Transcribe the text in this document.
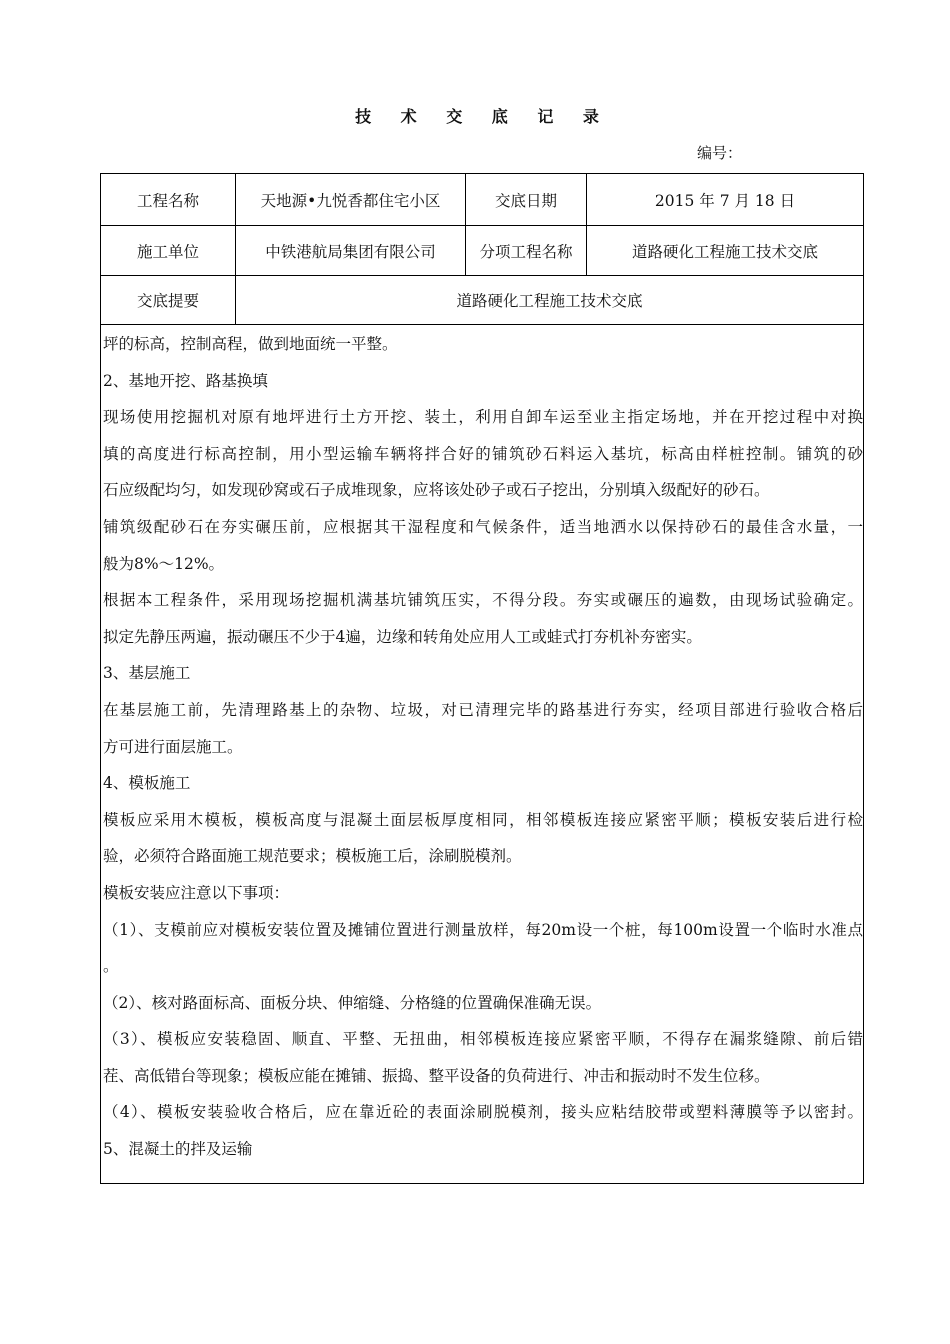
技 术 交 底 记 录
编号：
工程名称	天地源•九悦香都住宅小区	交底日期	2015 年 7 月 18 日
施工单位	中铁港航局集团有限公司	分项工程名称	道路硬化工程施工技术交底
交底提要	道路硬化工程施工技术交底
坪的标高，控制高程，做到地面统一平整。
2、基地开挖、路基换填
现场使用挖掘机对原有地坪进行土方开挖、装土，利用自卸车运至业主指定场地，并在开挖过程中对换
填的高度进行标高控制，用小型运输车辆将拌合好的铺筑砂石料运入基坑，标高由样桩控制。铺筑的砂
石应级配均匀，如发现砂窝或石子成堆现象，应将该处砂子或石子挖出，分别填入级配好的砂石。
铺筑级配砂石在夯实碾压前，应根据其干湿程度和气候条件，适当地洒水以保持砂石的最佳含水量，一
般为8%～12%。
根据本工程条件，采用现场挖掘机满基坑铺筑压实，不得分段。夯实或碾压的遍数，由现场试验确定。
拟定先静压两遍，振动碾压不少于4遍，边缘和转角处应用人工或蛙式打夯机补夯密实。
3、基层施工
在基层施工前，先清理路基上的杂物、垃圾，对已清理完毕的路基进行夯实，经项目部进行验收合格后
方可进行面层施工。
4、模板施工
模板应采用木模板，模板高度与混凝土面层板厚度相同，相邻模板连接应紧密平顺；模板安装后进行检
验，必须符合路面施工规范要求；模板施工后，涂刷脱模剂。
模板安装应注意以下事项：
（1）、支模前应对模板安装位置及摊铺位置进行测量放样，每20m设一个桩，每100m设置一个临时水准点
。
（2）、核对路面标高、面板分块、伸缩缝、分格缝的位置确保准确无误。
（3）、模板应安装稳固、顺直、平整、无扭曲，相邻模板连接应紧密平顺，不得存在漏浆缝隙、前后错
茬、高低错台等现象；模板应能在摊铺、振捣、整平设备的负荷进行、冲击和振动时不发生位移。
（4）、模板安装验收合格后，应在靠近砼的表面涂刷脱模剂，接头应粘结胶带或塑料薄膜等予以密封。
5、混凝土的拌及运输
